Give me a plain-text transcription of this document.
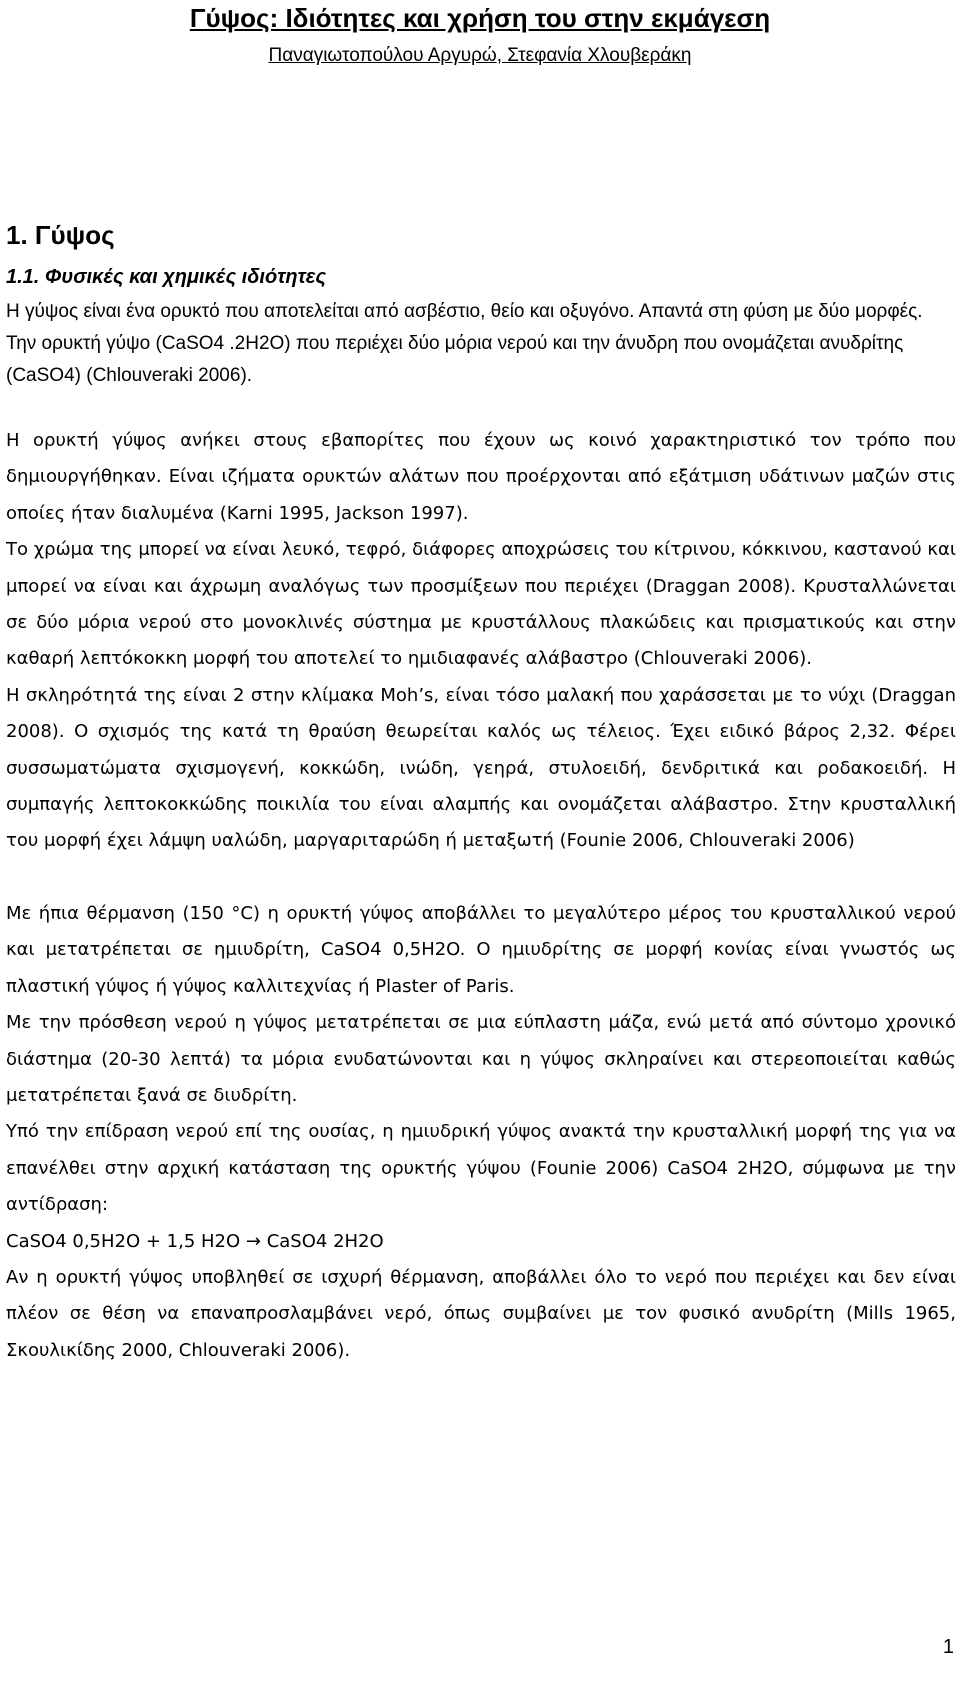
Γύψος: Ιδιότητες και χρήση του στην εκμάγεση
Παναγιωτοπούλου Αργυρώ, Στεφανία Χλουβεράκη
1. Γύψος
1.1. Φυσικές και χημικές ιδιότητες

Η γύψος είναι ένα ορυκτό που αποτελείται από ασβέστιο, θείο και οξυγόνο. Απαντά στη φύση με δύο μορφές. Την ορυκτή γύψο (CaSO4 .2H2O) που περιέχει δύο μόρια νερού και την άνυδρη που ονομάζεται ανυδρίτης (CaSO4) (Chlouveraki 2006).

Η ορυκτή γύψος ανήκει στους εβαπορίτες που έχουν ως κοινό χαρακτηριστικό τον τρόπο που δημιουργήθηκαν. Είναι ιζήματα ορυκτών αλάτων που προέρχονται από εξάτμιση υδάτινων μαζών στις οποίες ήταν διαλυμένα (Karni 1995, Jackson 1997).

Το χρώμα της μπορεί να είναι λευκό, τεφρό, διάφορες αποχρώσεις του κίτρινου, κόκκινου, καστανού και μπορεί να είναι και άχρωμη αναλόγως των προσμίξεων που περιέχει (Draggan 2008). Κρυσταλλώνεται σε δύο μόρια νερού στο μονοκλινές σύστημα με κρυστάλλους πλακώδεις και πρισματικούς και στην καθαρή λεπτόκοκκη μορφή του αποτελεί το ημιδιαφανές αλάβαστρο (Chlouveraki 2006).

Η σκληρότητά της είναι 2 στην κλίμακα Moh’s, είναι τόσο μαλακή που χαράσσεται με το νύχι (Draggan 2008). Ο σχισμός της κατά τη θραύση θεωρείται καλός ως τέλειος. Έχει ειδικό βάρος 2,32. Φέρει συσσωματώματα σχισμογενή, κοκκώδη, ινώδη, γεηρά, στυλοειδή, δενδριτικά και ροδακοειδή. Η συμπαγής λεπτοκοκκώδης ποικιλία του είναι αλαμπής και ονομάζεται αλάβαστρο. Στην κρυσταλλική του μορφή έχει λάμψη υαλώδη, μαργαριταρώδη ή μεταξωτή (Founie 2006, Chlouveraki 2006)

Με ήπια θέρμανση (150 °C) η ορυκτή γύψος αποβάλλει το μεγαλύτερο μέρος του κρυσταλλικού νερού και μετατρέπεται σε ημιυδρίτη, CaSO4 0,5H2O. Ο ημιυδρίτης σε μορφή κονίας είναι γνωστός ως πλαστική γύψος ή γύψος καλλιτεχνίας ή Plaster of Paris.

Με την πρόσθεση νερού η γύψος μετατρέπεται σε μια εύπλαστη μάζα, ενώ μετά από σύντομο χρονικό διάστημα (20-30 λεπτά) τα μόρια ενυδατώνονται και η γύψος σκληραίνει και στερεοποιείται καθώς μετατρέπεται ξανά σε διυδρίτη.

Υπό την επίδραση νερού επί της ουσίας, η ημιυδρική γύψος ανακτά την κρυσταλλική μορφή της για να επανέλθει στην αρχική κατάσταση της ορυκτής γύψου (Founie 2006) CaSO4 2H2O, σύμφωνα με την αντίδραση:

CaSO4 0,5H2O + 1,5 H2O → CaSO4 2H2O

Αν η ορυκτή γύψος υποβληθεί σε ισχυρή θέρμανση, αποβάλλει όλο το νερό που περιέχει και δεν είναι πλέον σε θέση να επαναπροσλαμβάνει νερό, όπως συμβαίνει με τον φυσικό ανυδρίτη (Mills 1965, Σκουλικίδης 2000, Chlouveraki 2006).

1
